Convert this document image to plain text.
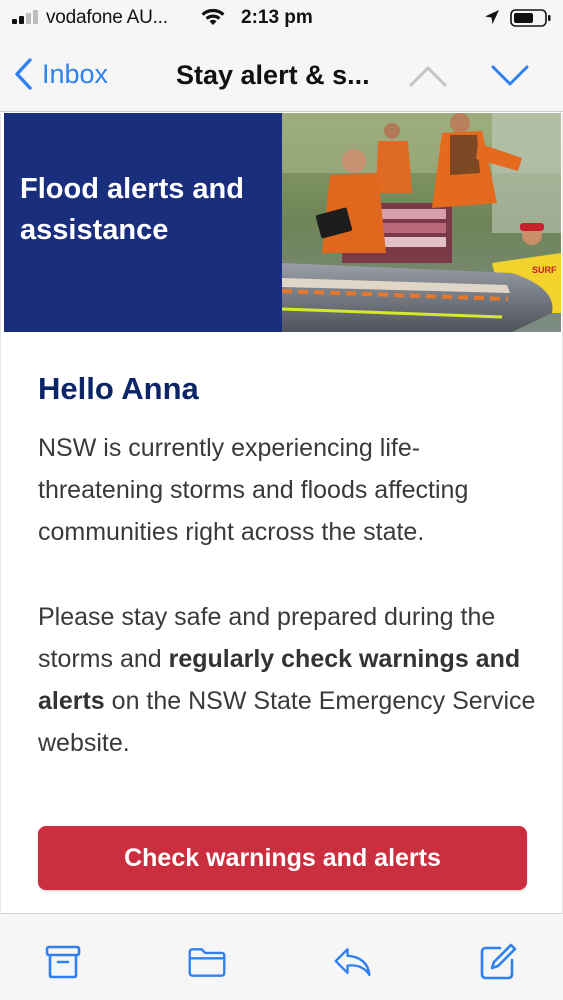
vodafone AU...	2:13 pm
Inbox	Stay alert & s...
Flood alerts and assistance
SURF
Hello Anna

NSW is currently experiencing life-threatening storms and floods affecting communities right across the state.

Please stay safe and prepared during the storms and regularly check warnings and alerts on the NSW State Emergency Service website.

Check warnings and alerts
